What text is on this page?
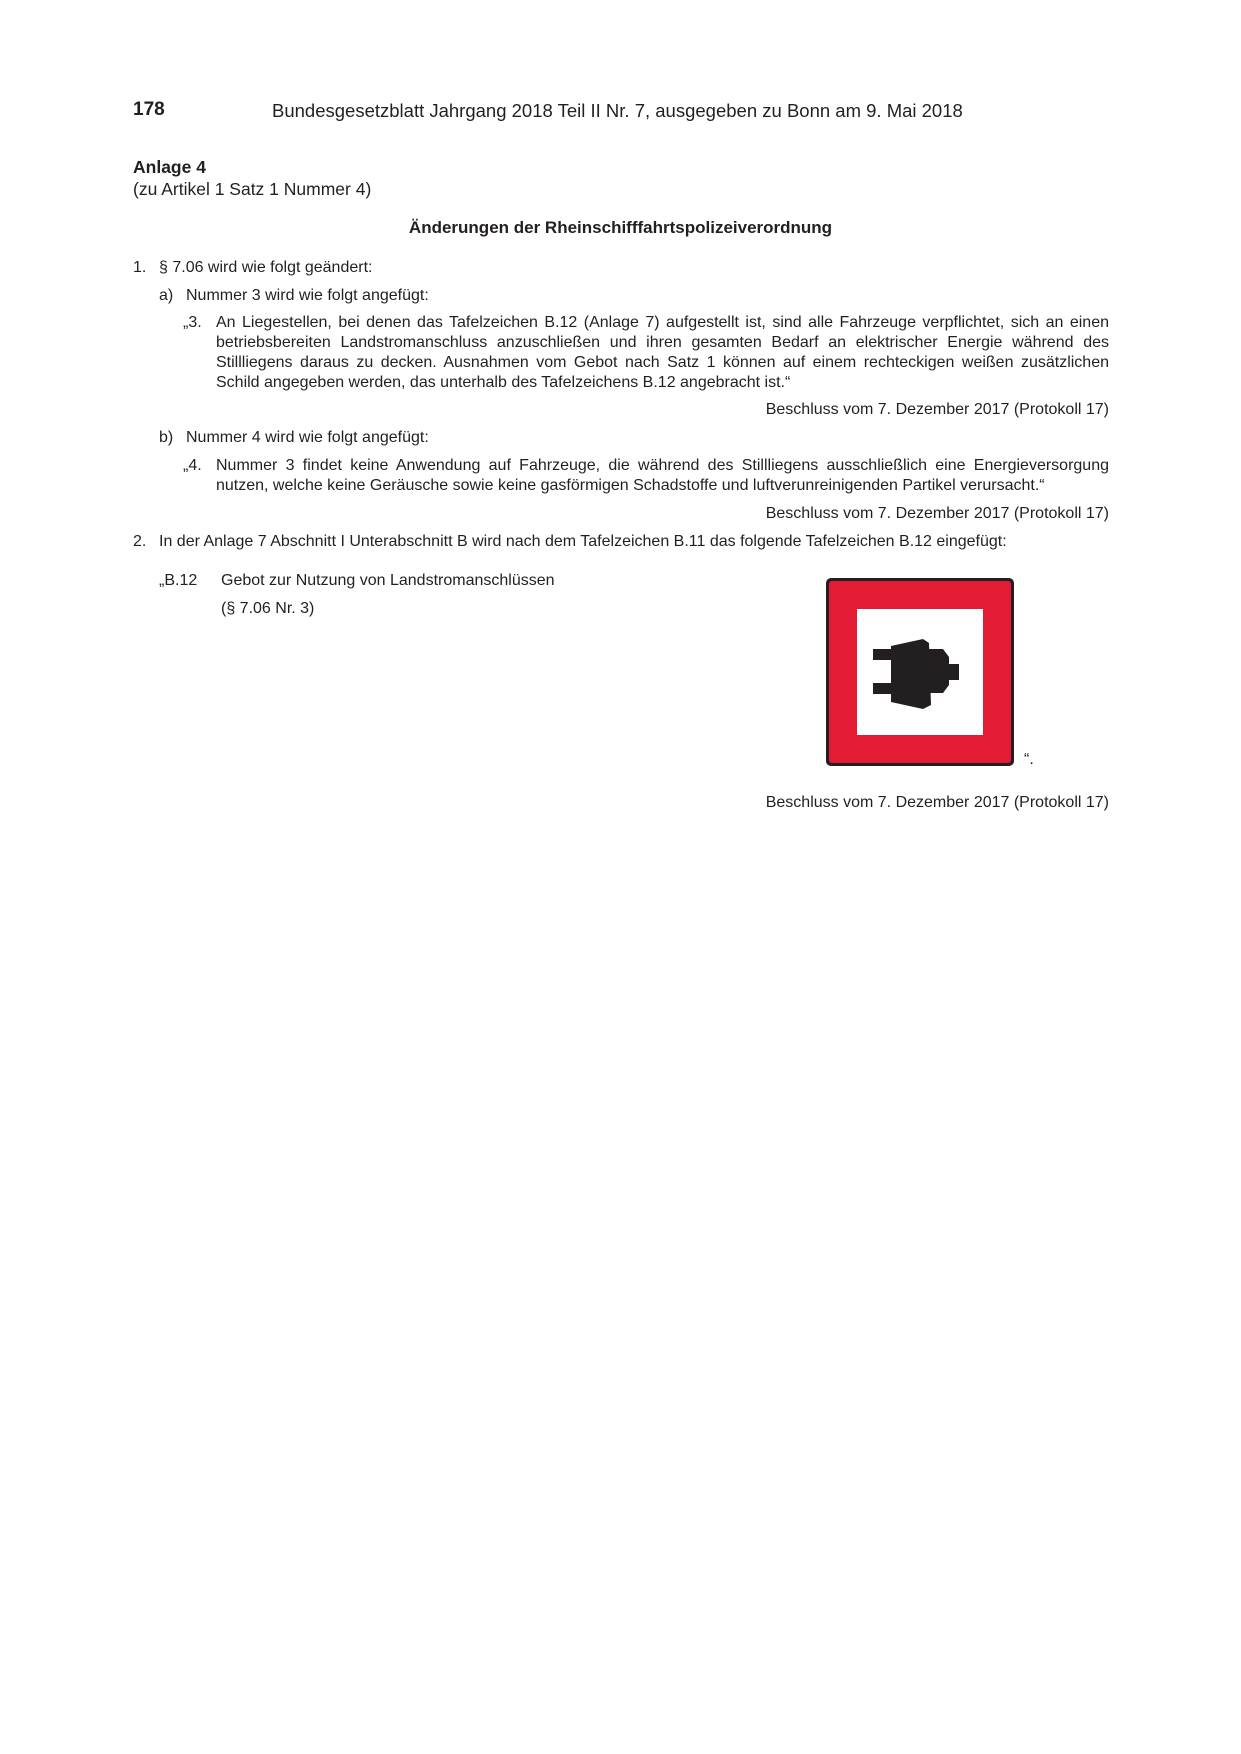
178	Bundesgesetzblatt Jahrgang 2018 Teil II Nr. 7, ausgegeben zu Bonn am 9. Mai 2018
Anlage 4
(zu Artikel 1 Satz 1 Nummer 4)
Änderungen der Rheinschifffahrtspolizeiverordnung
1. § 7.06 wird wie folgt geändert:
a) Nummer 3 wird wie folgt angefügt:
„3. An Liegestellen, bei denen das Tafelzeichen B.12 (Anlage 7) aufgestellt ist, sind alle Fahrzeuge verpflichtet, sich an einen betriebsbereiten Landstromanschluss anzuschließen und ihren gesamten Bedarf an elektrischer Energie während des Stillliegens daraus zu decken. Ausnahmen vom Gebot nach Satz 1 können auf einem rechteckigen weißen zusätzlichen Schild angegeben werden, das unterhalb des Tafelzeichens B.12 angebracht ist.“
Beschluss vom 7. Dezember 2017 (Protokoll 17)
b) Nummer 4 wird wie folgt angefügt:
„4. Nummer 3 findet keine Anwendung auf Fahrzeuge, die während des Stillliegens ausschließlich eine Energieversorgung nutzen, welche keine Geräusche sowie keine gasförmigen Schadstoffe und luftverunreinigenden Partikel verursacht.“
Beschluss vom 7. Dezember 2017 (Protokoll 17)
2. In der Anlage 7 Abschnitt I Unterabschnitt B wird nach dem Tafelzeichen B.11 das folgende Tafelzeichen B.12 eingefügt:
„B.12 Gebot zur Nutzung von Landstromanschlüssen
(§ 7.06 Nr. 3)
“.
Beschluss vom 7. Dezember 2017 (Protokoll 17)
